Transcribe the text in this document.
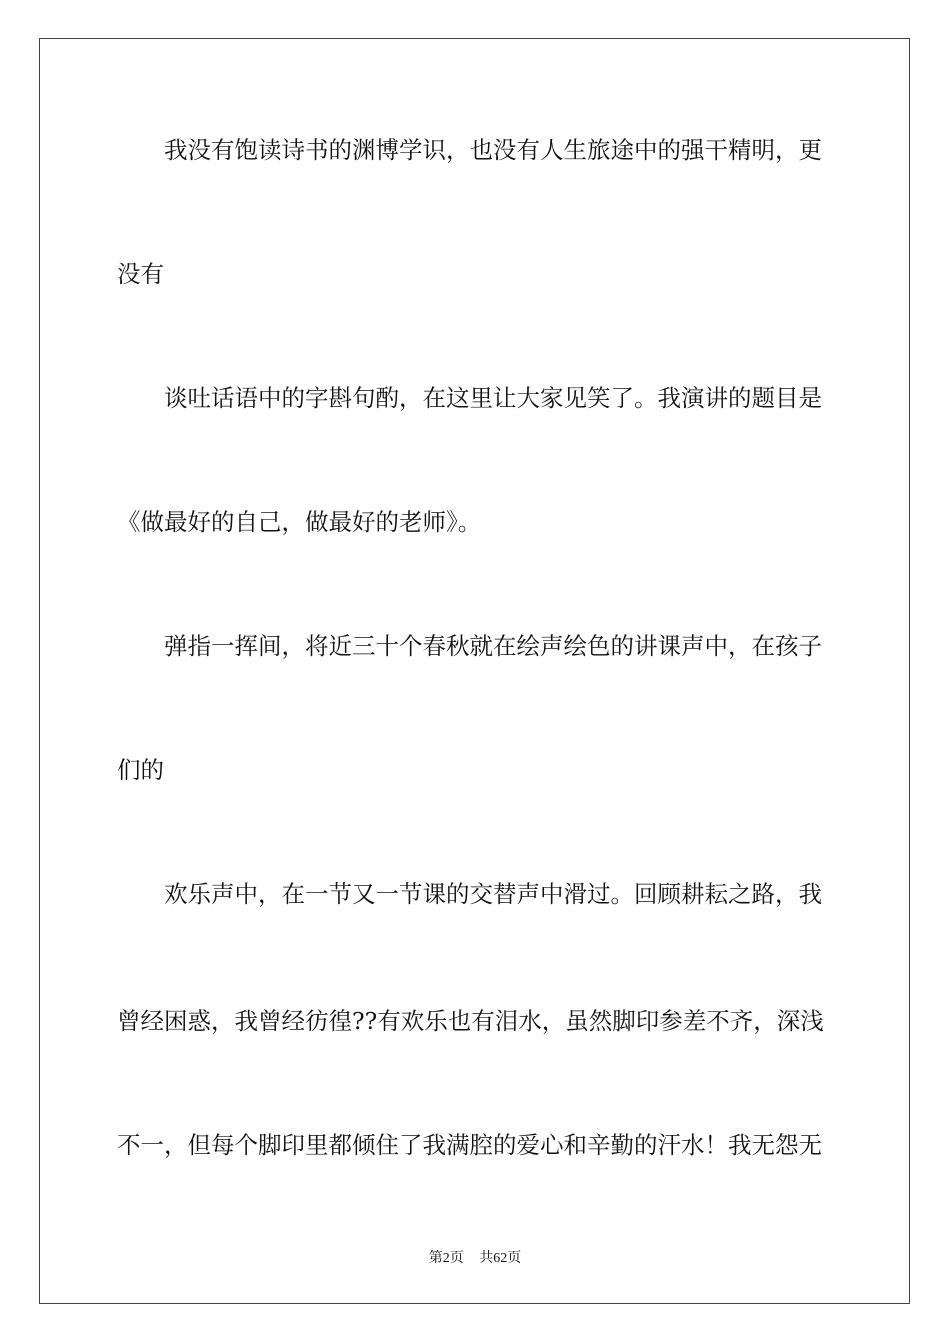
我没有饱读诗书的渊博学识，也没有人生旅途中的强干精明，更
没有
谈吐话语中的字斟句酌，在这里让大家见笑了。我演讲的题目是
《做最好的自己，做最好的老师》。
弹指一挥间，将近三十个春秋就在绘声绘色的讲课声中，在孩子
们的
欢乐声中，在一节又一节课的交替声中滑过。回顾耕耘之路，我
曾经困惑，我曾经彷徨??有欢乐也有泪水，虽然脚印参差不齐，深浅
不一，但每个脚印里都倾住了我满腔的爱心和辛勤的汗水！我无怨无
第2页 共62页
